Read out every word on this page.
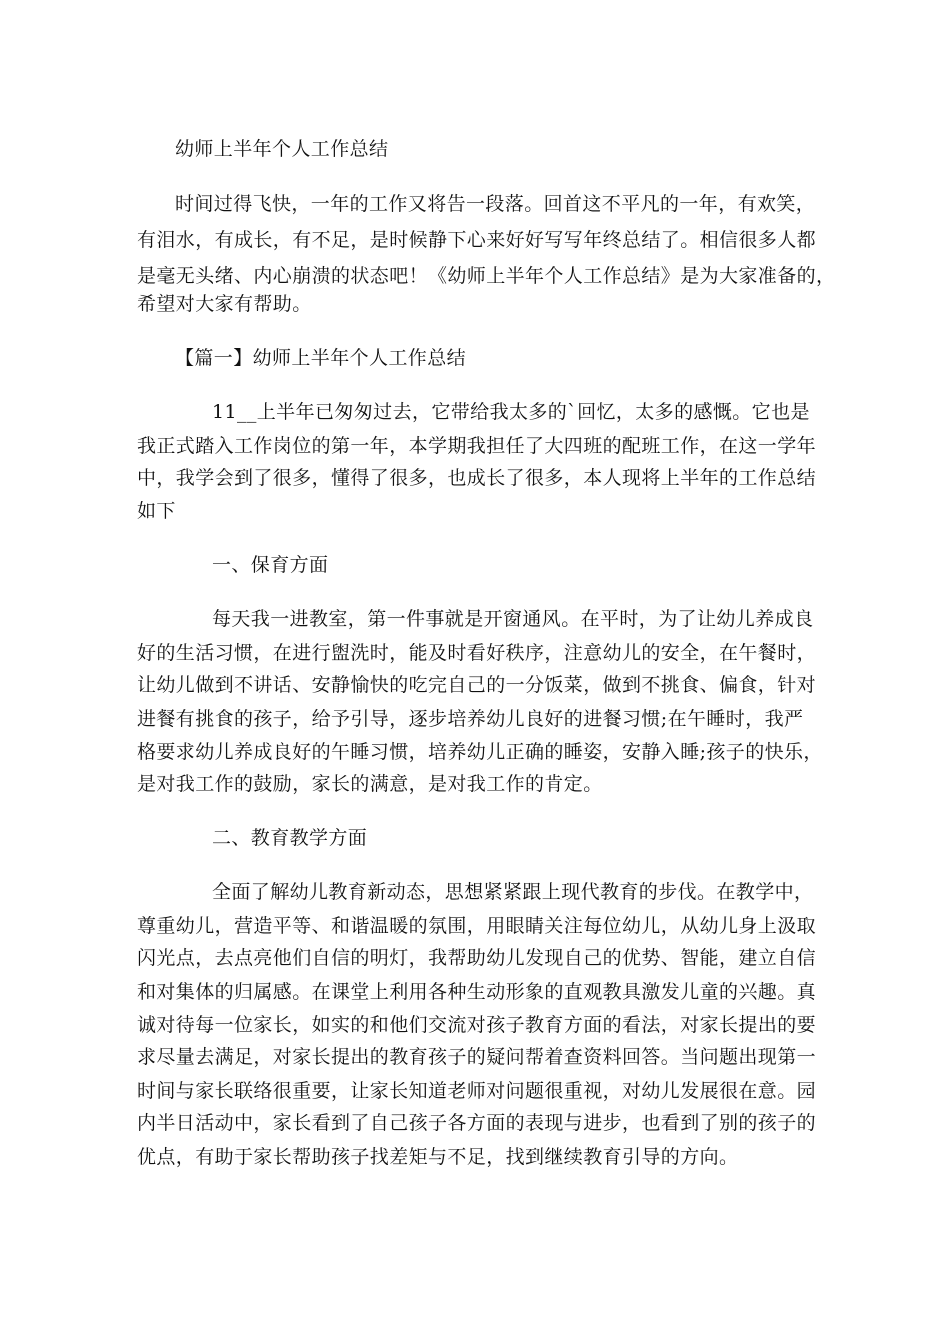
幼师上半年个人工作总结

时间过得飞快，一年的工作又将告一段落。回首这不平凡的一年，有欢笑，

有泪水，有成长，有不足，是时候静下心来好好写写年终总结了。相信很多人都

是毫无头绪、内心崩溃的状态吧！《幼师上半年个人工作总结》是为大家准备的，

希望对大家有帮助。

【篇一】幼师上半年个人工作总结

11__上半年已匆匆过去，它带给我太多的`回忆，太多的感慨。它也是

我正式踏入工作岗位的第一年，本学期我担任了大四班的配班工作，在这一学年

中，我学会到了很多，懂得了很多，也成长了很多，本人现将上半年的工作总结

如下

一、保育方面

每天我一进教室，第一件事就是开窗通风。在平时，为了让幼儿养成良

好的生活习惯，在进行盥洗时，能及时看好秩序，注意幼儿的安全，在午餐时，

让幼儿做到不讲话、安静愉快的吃完自己的一分饭菜，做到不挑食、偏食，针对

进餐有挑食的孩子，给予引导，逐步培养幼儿良好的进餐习惯;在午睡时，我严

格要求幼儿养成良好的午睡习惯，培养幼儿正确的睡姿，安静入睡;孩子的快乐，

是对我工作的鼓励，家长的满意，是对我工作的肯定。

二、教育教学方面

全面了解幼儿教育新动态，思想紧紧跟上现代教育的步伐。在教学中，

尊重幼儿，营造平等、和谐温暖的氛围，用眼睛关注每位幼儿，从幼儿身上汲取

闪光点，去点亮他们自信的明灯，我帮助幼儿发现自己的优势、智能，建立自信

和对集体的归属感。在课堂上利用各种生动形象的直观教具激发儿童的兴趣。真

诚对待每一位家长，如实的和他们交流对孩子教育方面的看法，对家长提出的要

求尽量去满足，对家长提出的教育孩子的疑问帮着查资料回答。当问题出现第一

时间与家长联络很重要，让家长知道老师对问题很重视，对幼儿发展很在意。园

内半日活动中，家长看到了自己孩子各方面的表现与进步，也看到了别的孩子的

优点，有助于家长帮助孩子找差矩与不足，找到继续教育引导的方向。
